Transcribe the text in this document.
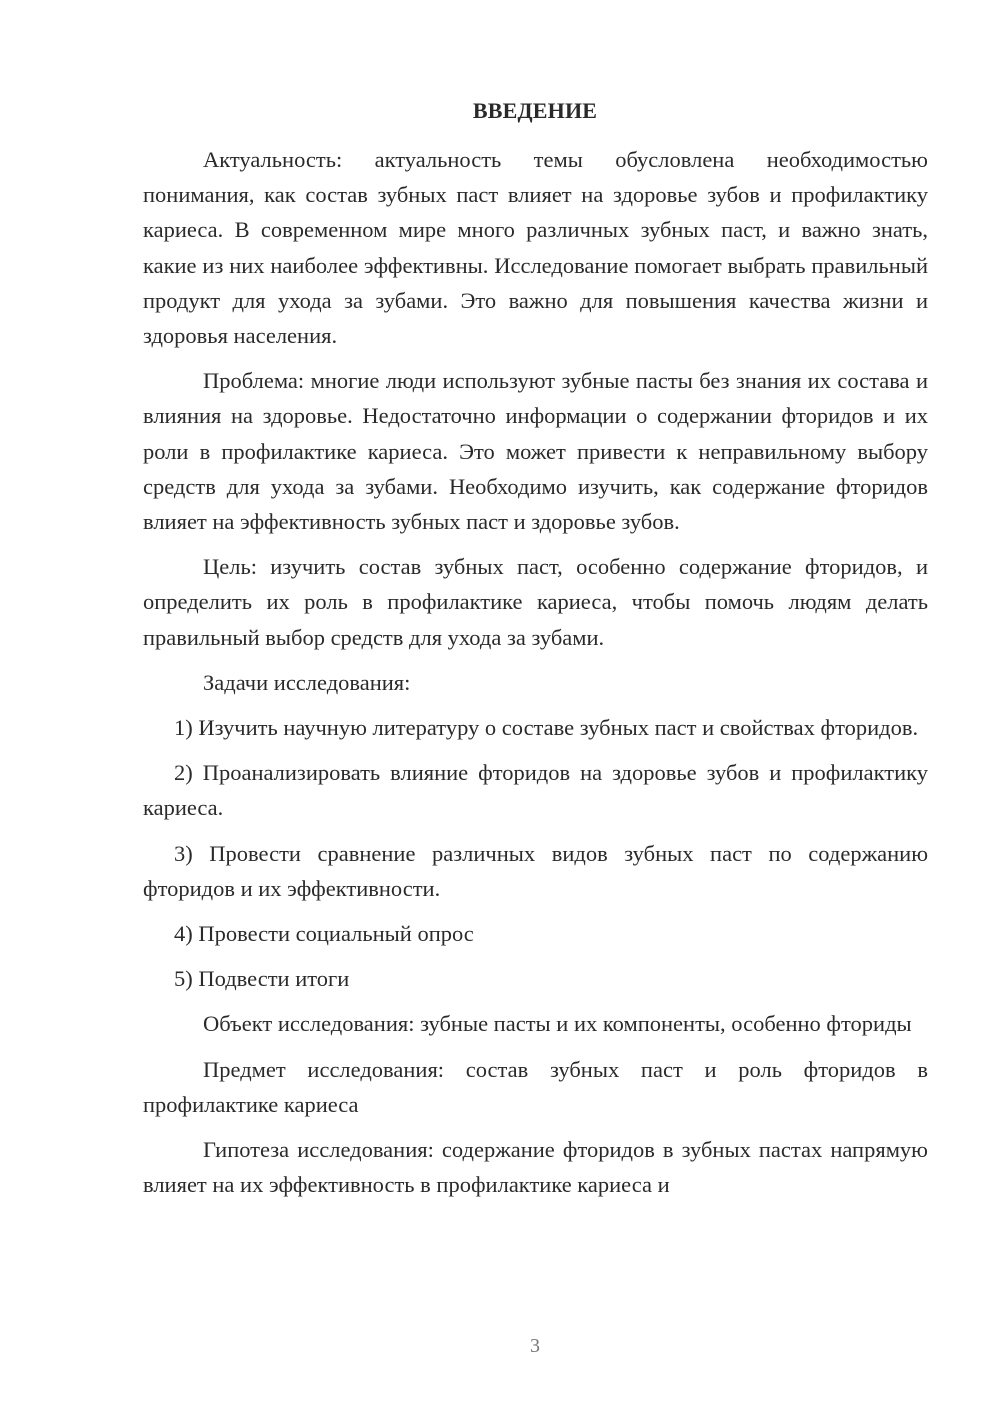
ВВЕДЕНИЕ

Актуальность: актуальность темы обусловлена необходимостью понимания, как состав зубных паст влияет на здоровье зубов и профилактику кариеса. В современном мире много различных зубных паст, и важно знать, какие из них наиболее эффективны. Исследование помогает выбрать правильный продукт для ухода за зубами. Это важно для повышения качества жизни и здоровья населения.

Проблема: многие люди используют зубные пасты без знания их состава и влияния на здоровье. Недостаточно информации о содержании фторидов и их роли в профилактике кариеса. Это может привести к неправильному выбору средств для ухода за зубами. Необходимо изучить, как содержание фторидов влияет на эффективность зубных паст и здоровье зубов.

Цель: изучить состав зубных паст, особенно содержание фторидов, и определить их роль в профилактике кариеса, чтобы помочь людям делать правильный выбор средств для ухода за зубами.

Задачи исследования:

1) Изучить научную литературу о составе зубных паст и свойствах фторидов.

2) Проанализировать влияние фторидов на здоровье зубов и профилактику кариеса.

3) Провести сравнение различных видов зубных паст по содержанию фторидов и их эффективности.

4) Провести социальный опрос

5) Подвести итоги

Объект исследования: зубные пасты и их компоненты, особенно фториды

Предмет исследования: состав зубных паст и роль фторидов в профилактике кариеса

Гипотеза исследования: содержание фторидов в зубных пастах напрямую влияет на их эффективность в профилактике кариеса и

3
